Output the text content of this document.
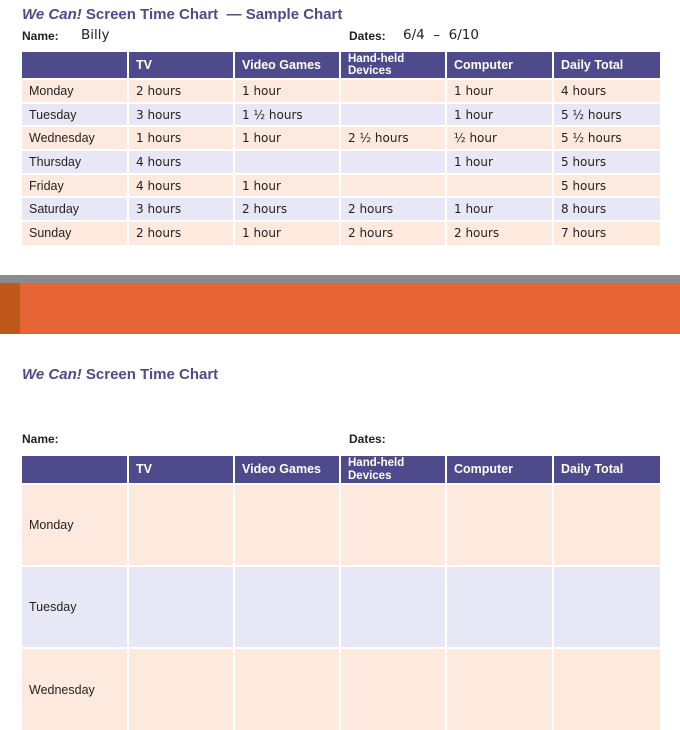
We Can! Screen Time Chart  — Sample Chart
Name: Billy	Dates: 6/4  –  6/10
	TV	Video Games	Hand-held Devices	Computer	Daily Total
Monday	2 hours	1 hour		1 hour	4 hours
Tuesday	3 hours	1 ½ hours		1 hour	5 ½ hours
Wednesday	1 hours	1 hour	2 ½ hours	½ hour	5 ½ hours
Thursday	4 hours			1 hour	5 hours
Friday	4 hours	1 hour			5 hours
Saturday	3 hours	2 hours	2 hours	1 hour	8 hours
Sunday	2 hours	1 hour	2 hours	2 hours	7 hours
We Can! Screen Time Chart
Name:	Dates:
	TV	Video Games	Hand-held Devices	Computer	Daily Total
Monday					
Tuesday					
Wednesday					
